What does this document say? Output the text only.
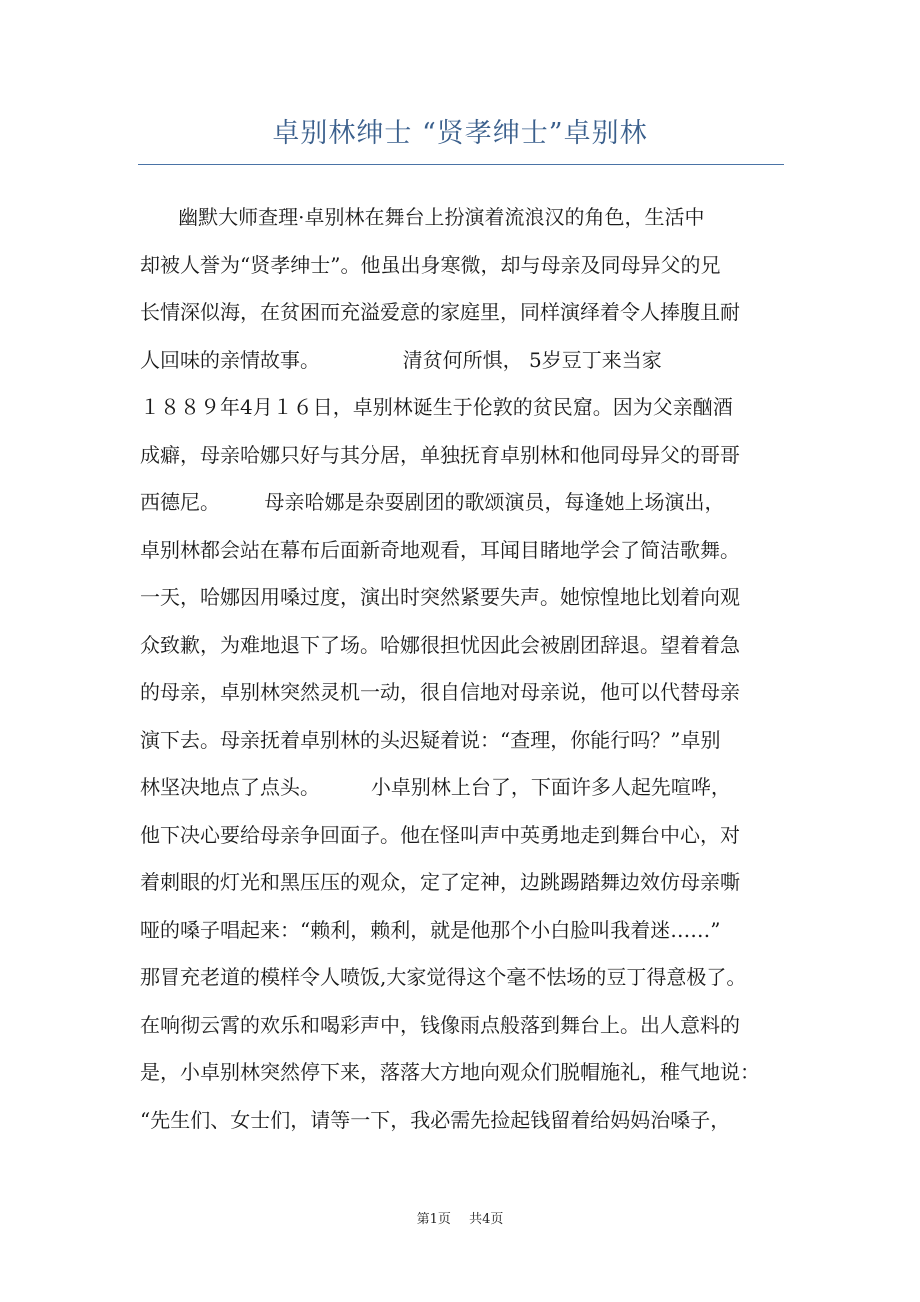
卓别林绅士 “贤孝绅士”卓别林
幽默大师查理·卓别林在舞台上扮演着流浪汉的角色，生活中
却被人誉为“贤孝绅士”。他虽出身寒微，却与母亲及同母异父的兄
长情深似海，在贫困而充溢爱意的家庭里，同样演绎着令人捧腹且耐
人回味的亲情故事。             清贫何所惧， 5岁豆丁来当家
１８８９年4月１６日，卓别林诞生于伦敦的贫民窟。因为父亲酗酒
成癖，母亲哈娜只好与其分居，单独抚育卓别林和他同母异父的哥哥
西德尼。       母亲哈娜是杂耍剧团的歌颂演员，每逢她上场演出，
卓别林都会站在幕布后面新奇地观看，耳闻目睹地学会了简洁歌舞。
一天，哈娜因用嗓过度，演出时突然紧要失声。她惊惶地比划着向观
众致歉，为难地退下了场。哈娜很担忧因此会被剧团辞退。望着着急
的母亲，卓别林突然灵机一动，很自信地对母亲说，他可以代替母亲
演下去。母亲抚着卓别林的头迟疑着说：“查理，你能行吗？”卓别
林坚决地点了点头。        小卓别林上台了，下面许多人起先喧哗，
他下决心要给母亲争回面子。他在怪叫声中英勇地走到舞台中心，对
着刺眼的灯光和黑压压的观众，定了定神，边跳踢踏舞边效仿母亲嘶
哑的嗓子唱起来：“赖利，赖利，就是他那个小白脸叫我着迷……”
那冒充老道的模样令人喷饭,大家觉得这个毫不怯场的豆丁得意极了。
在响彻云霄的欢乐和喝彩声中，钱像雨点般落到舞台上。出人意料的
是，小卓别林突然停下来，落落大方地向观众们脱帽施礼，稚气地说：
“先生们、女士们，请等一下，我必需先捡起钱留着给妈妈治嗓子，
第1页 共4页
